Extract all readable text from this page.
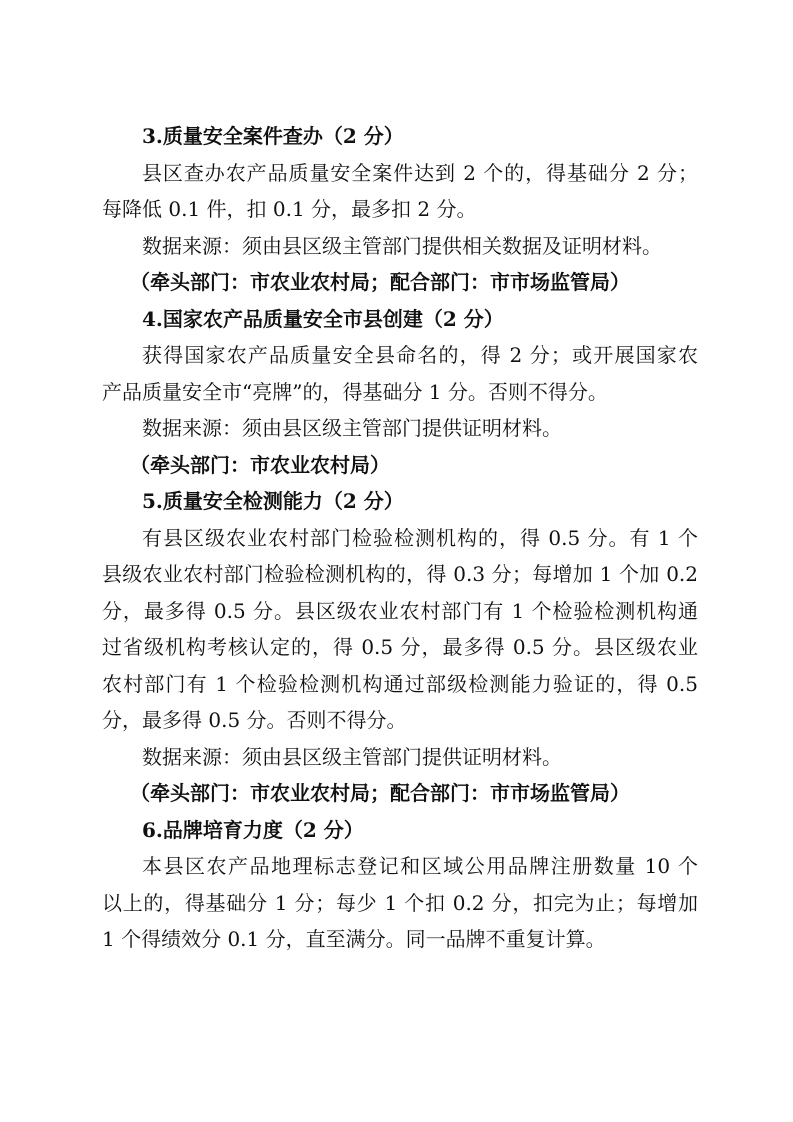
3.质量安全案件查办（2 分）

县区查办农产品质量安全案件达到 2 个的，得基础分 2 分；

每降低 0.1 件，扣 0.1 分，最多扣 2 分。

数据来源：须由县区级主管部门提供相关数据及证明材料。

（牵头部门：市农业农村局；配合部门：市市场监管局）

4.国家农产品质量安全市县创建（2 分）

获得国家农产品质量安全县命名的，得 2 分；或开展国家农

产品质量安全市“亮牌”的，得基础分 1 分。否则不得分。

数据来源：须由县区级主管部门提供证明材料。

（牵头部门：市农业农村局）

5.质量安全检测能力（2 分）

有县区级农业农村部门检验检测机构的，得 0.5 分。有 1 个

县级农业农村部门检验检测机构的，得 0.3 分；每增加 1 个加 0.2

分，最多得 0.5 分。县区级农业农村部门有 1 个检验检测机构通

过省级机构考核认定的，得 0.5 分，最多得 0.5 分。县区级农业

农村部门有 1 个检验检测机构通过部级检测能力验证的，得 0.5

分，最多得 0.5 分。否则不得分。

数据来源：须由县区级主管部门提供证明材料。

（牵头部门：市农业农村局；配合部门：市市场监管局）

6.品牌培育力度（2 分）

本县区农产品地理标志登记和区域公用品牌注册数量 10 个

以上的，得基础分 1 分；每少 1 个扣 0.2 分，扣完为止；每增加

1 个得绩效分 0.1 分，直至满分。同一品牌不重复计算。
